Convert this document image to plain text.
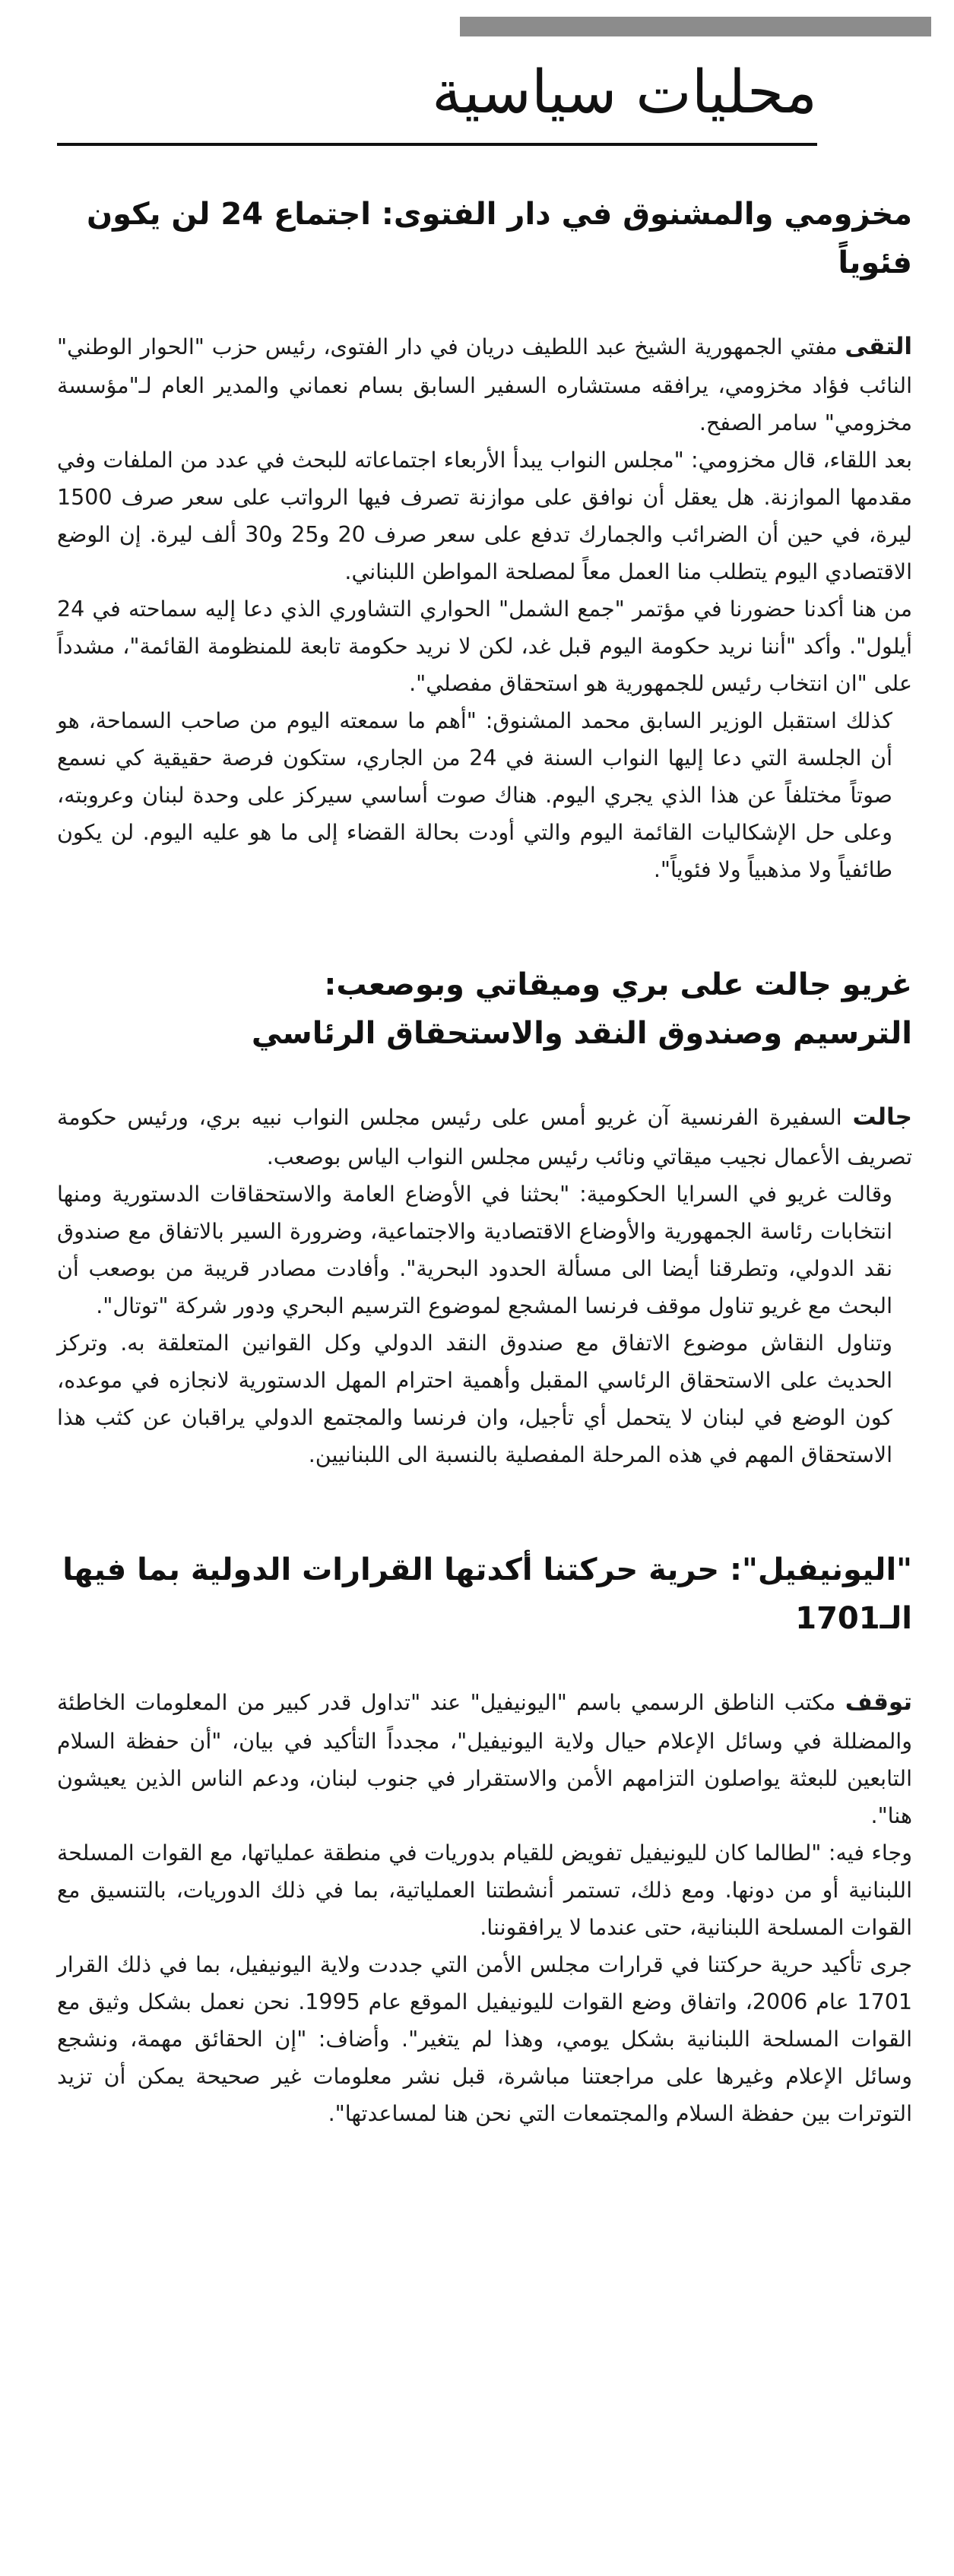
محليات سياسية
مخزومي والمشنوق في دار الفتوى: اجتماع 24 لن يكون فئوياً

التقى مفتي الجمهورية الشيخ عبد اللطيف دريان في دار الفتوى، رئيس حزب "الحوار الوطني" النائب فؤاد مخزومي، يرافقه مستشاره السفير السابق بسام نعماني والمدير العام لـ"مؤسسة مخزومي" سامر الصفح.

بعد اللقاء، قال مخزومي: "مجلس النواب يبدأ الأربعاء اجتماعاته للبحث في عدد من الملفات وفي مقدمها الموازنة. هل يعقل أن نوافق على موازنة تصرف فيها الرواتب على سعر صرف 1500 ليرة، في حين أن الضرائب والجمارك تدفع على سعر صرف 20 و25 و30 ألف ليرة. إن الوضع الاقتصادي اليوم يتطلب منا العمل معاً لمصلحة المواطن اللبناني.

من هنا أكدنا حضورنا في مؤتمر "جمع الشمل" الحواري التشاوري الذي دعا إليه سماحته في 24 أيلول". وأكد "أننا نريد حكومة اليوم قبل غد، لكن لا نريد حكومة تابعة للمنظومة القائمة"، مشدداً على "ان انتخاب رئيس للجمهورية هو استحقاق مفصلي".

كذلك استقبل الوزير السابق محمد المشنوق: "أهم ما سمعته اليوم من صاحب السماحة، هو أن الجلسة التي دعا إليها النواب السنة في 24 من الجاري، ستكون فرصة حقيقية كي نسمع صوتاً مختلفاً عن هذا الذي يجري اليوم. هناك صوت أساسي سيركز على وحدة لبنان وعروبته، وعلى حل الإشكاليات القائمة اليوم والتي أودت بحالة القضاء إلى ما هو عليه اليوم. لن يكون طائفياً ولا مذهبياً ولا فئوياً".

غريو جالت على بري وميقاتي وبوصعب:
الترسيم وصندوق النقد والاستحقاق الرئاسي

جالت السفيرة الفرنسية آن غريو أمس على رئيس مجلس النواب نبيه بري، ورئيس حكومة تصريف الأعمال نجيب ميقاتي ونائب رئيس مجلس النواب الياس بوصعب.

وقالت غريو في السرايا الحكومية: "بحثنا في الأوضاع العامة والاستحقاقات الدستورية ومنها انتخابات رئاسة الجمهورية والأوضاع الاقتصادية والاجتماعية، وضرورة السير بالاتفاق مع صندوق نقد الدولي، وتطرقنا أيضا الى مسألة الحدود البحرية". وأفادت مصادر قريبة من بوصعب أن البحث مع غريو تناول موقف فرنسا المشجع لموضوع الترسيم البحري ودور شركة "توتال".

وتناول النقاش موضوع الاتفاق مع صندوق النقد الدولي وكل القوانين المتعلقة به. وتركز الحديث على الاستحقاق الرئاسي المقبل وأهمية احترام المهل الدستورية لانجازه في موعده، كون الوضع في لبنان لا يتحمل أي تأجيل، وان فرنسا والمجتمع الدولي يراقبان عن كثب هذا الاستحقاق المهم في هذه المرحلة المفصلية بالنسبة الى اللبنانيين.

"اليونيفيل": حرية حركتنا أكدتها القرارات الدولية بما فيها الـ1701

توقف مكتب الناطق الرسمي باسم "اليونيفيل" عند "تداول قدر كبير من المعلومات الخاطئة والمضللة في وسائل الإعلام حيال ولاية اليونيفيل"، مجدداً التأكيد في بيان، "أن حفظة السلام التابعين للبعثة يواصلون التزامهم الأمن والاستقرار في جنوب لبنان، ودعم الناس الذين يعيشون هنا".

وجاء فيه: "لطالما كان لليونيفيل تفويض للقيام بدوريات في منطقة عملياتها، مع القوات المسلحة اللبنانية أو من دونها. ومع ذلك، تستمر أنشطتنا العملياتية، بما في ذلك الدوريات، بالتنسيق مع القوات المسلحة اللبنانية، حتى عندما لا يرافقوننا.

جرى تأكيد حرية حركتنا في قرارات مجلس الأمن التي جددت ولاية اليونيفيل، بما في ذلك القرار 1701 عام 2006، واتفاق وضع القوات لليونيفيل الموقع عام 1995. نحن نعمل بشكل وثيق مع القوات المسلحة اللبنانية بشكل يومي، وهذا لم يتغير". وأضاف: "إن الحقائق مهمة، ونشجع وسائل الإعلام وغيرها على مراجعتنا مباشرة، قبل نشر معلومات غير صحيحة يمكن أن تزيد التوترات بين حفظة السلام والمجتمعات التي نحن هنا لمساعدتها".
